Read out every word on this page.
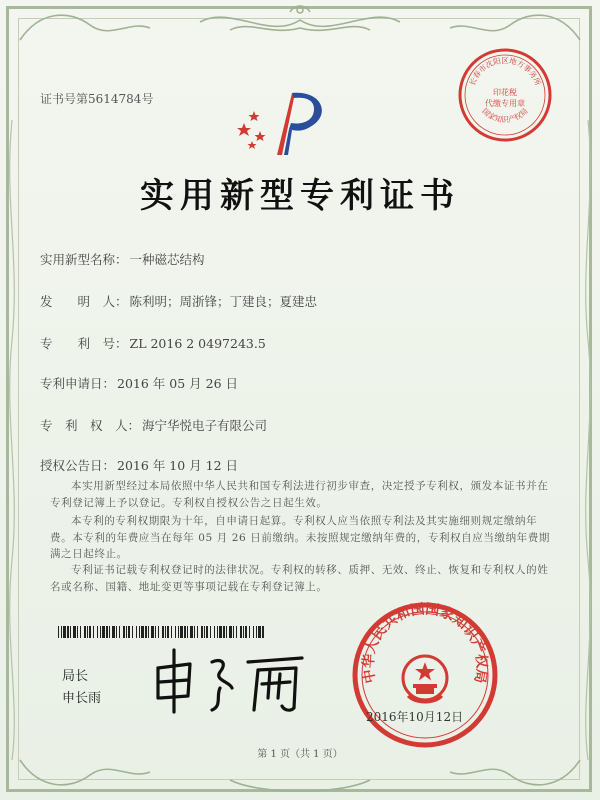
证书号第5614784号
长春市沈阳区地方事务所
印花税
代缴专用章
国家知识产权局
实用新型专利证书
实用新型名称： 一种磁芯结构
发　　明　人： 陈利明；周浙锋；丁建良；夏建忠
专　　利　号： ZL 2016 2 0497243.5
专利申请日： 2016 年 05 月 26 日
专　利　权　人： 海宁华悦电子有限公司
授权公告日： 2016 年 10 月 12 日
本实用新型经过本局依照中华人民共和国专利法进行初步审查，决定授予专利权，颁发本证书并在专利登记簿上予以登记。专利权自授权公告之日起生效。
本专利的专利权期限为十年，自申请日起算。专利权人应当依照专利法及其实施细则规定缴纳年费。本专利的年费应当在每年 05 月 26 日前缴纳。未按照规定缴纳年费的，专利权自应当缴纳年费期满之日起终止。
专利证书记载专利权登记时的法律状况。专利权的转移、质押、无效、终止、恢复和专利权人的姓名或名称、国籍、地址变更等事项记载在专利登记簿上。
局长
申长雨
中华人民共和国国家知识产权局
2016年10月12日
第 1 页（共 1 页）
